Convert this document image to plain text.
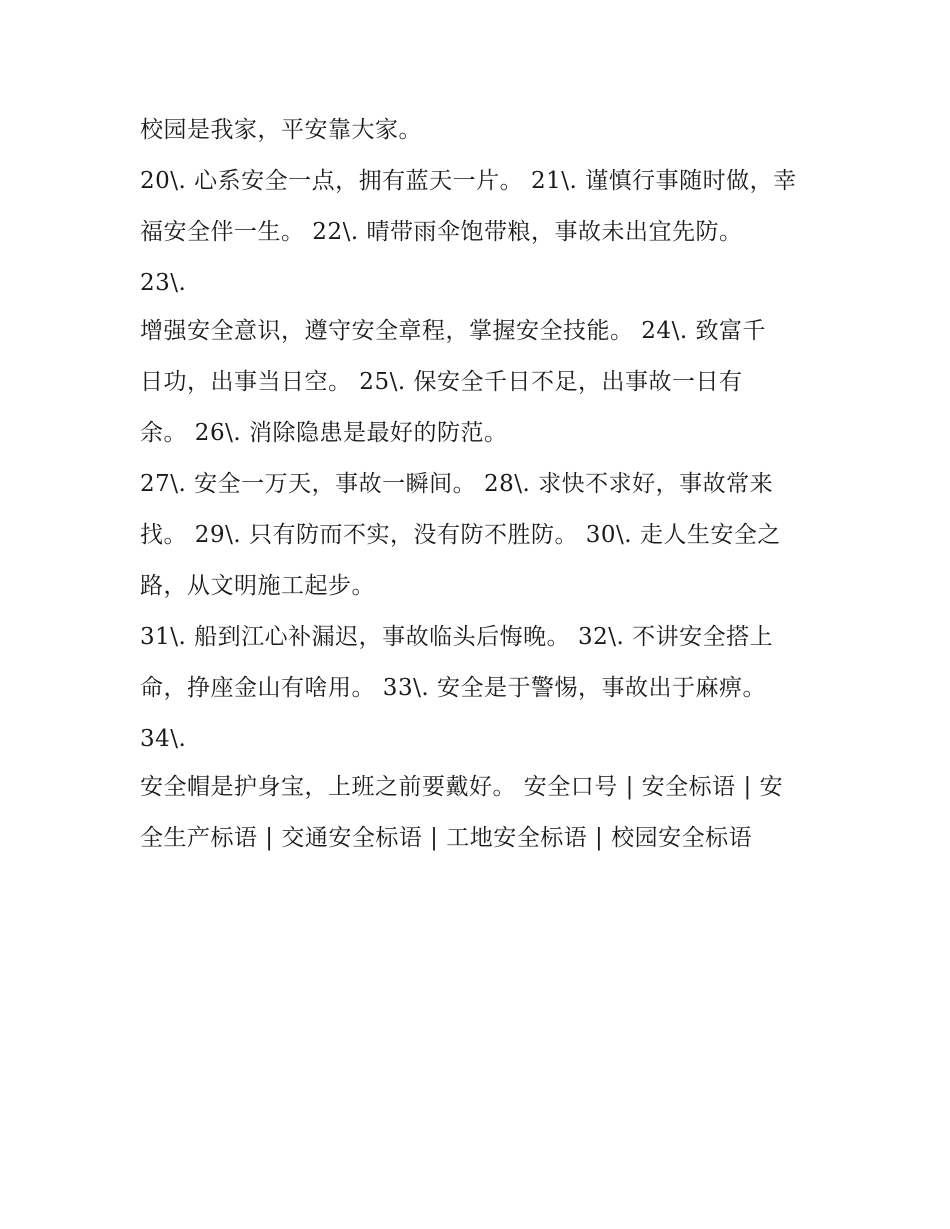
校园是我家，平安靠大家。
20\. 心系安全一点，拥有蓝天一片。 21\. 谨慎行事随时做，幸
福安全伴一生。 22\. 晴带雨伞饱带粮，事故未出宜先防。
23\.
增强安全意识，遵守安全章程，掌握安全技能。 24\. 致富千
日功，出事当日空。 25\. 保安全千日不足，出事故一日有
余。 26\. 消除隐患是最好的防范。
27\. 安全一万天，事故一瞬间。 28\. 求快不求好，事故常来
找。 29\. 只有防而不实，没有防不胜防。 30\. 走人生安全之
路，从文明施工起步。
31\. 船到江心补漏迟，事故临头后悔晚。 32\. 不讲安全搭上
命，挣座金山有啥用。 33\. 安全是于警惕，事故出于麻痹。
34\.
安全帽是护身宝，上班之前要戴好。 安全口号 | 安全标语 | 安
全生产标语 | 交通安全标语 | 工地安全标语 | 校园安全标语
